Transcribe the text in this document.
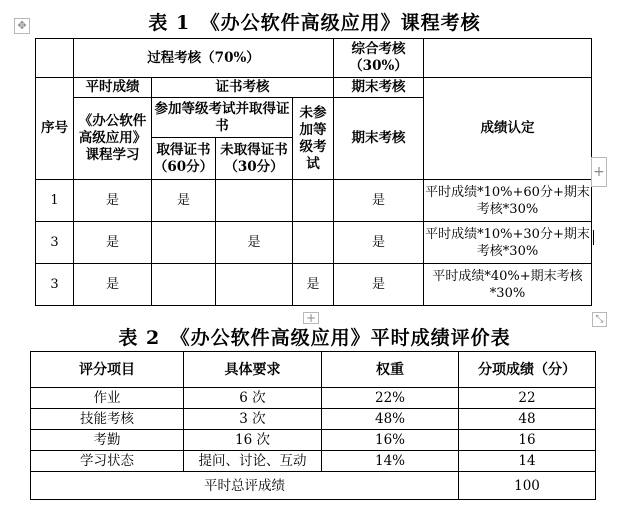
✥	表 1　《办公软件高级应用》课程考核
	过程考核（70%）				综合考核（30%）	
序号	平时成绩	证书考核			期末考核	成绩认定
	《办公软件高级应用》课程学习	参加等级考试并取得证书		未参加等级考试	期末考核	
		取得证书（60分）	未取得证书（30分）			
1	是	是			是	平时成绩*10%+60分+期末考核*30%
3	是		是		是	平时成绩*10%+30分+期末考核*30%
3	是			是	是	平时成绩*40%+期末考核*30%
+
+	⤡
表 2　《办公软件高级应用》平时成绩评价表
评分项目	具体要求	权重	分项成绩（分）
作业	6 次	22%	22
技能考核	3 次	48%	48
考勤	16 次	16%	16
学习状态	提问、讨论、互动	14%	14
平时总评成绩			100
